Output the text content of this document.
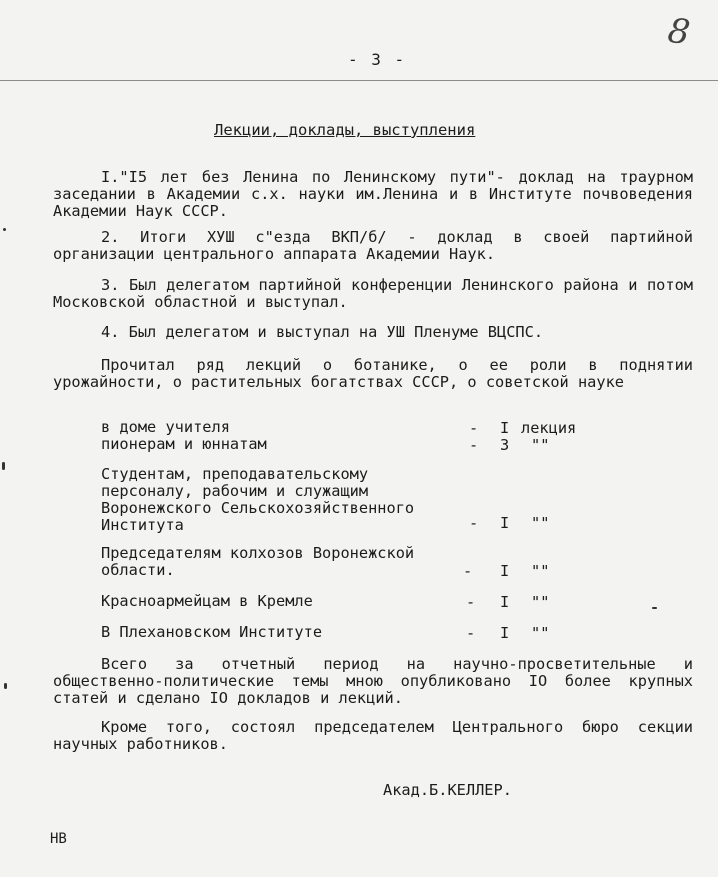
8
- 3 -
Лекции, доклады, выступления
I."I5 лет без Ленина по Ленинскому пути"- доклад на траурном заседании в Академии с.х. науки им.Ленина и в Институте почвоведения Академии Наук СССР.
2. Итоги ХУШ с"езда ВКП/б/ - доклад в своей партийной организации центрального аппарата Академии Наук.
3. Был делегатом партийной конференции Ленинского района и потом Московской областной и выступал.
4. Был делегатом и выступал на УШ Пленуме ВЦСПС.
Прочитал ряд лекций о ботанике, о ее роли в поднятии урожайности, о растительных богатствах СССР, о советской науке
в доме учителя	- I лекция
пионерам и юннатам	- 3 ""
Студентам, преподавательскому персоналу, рабочим и служащим Воронежского Сельскохозяйственного Института	- I ""
Председателям колхозов Воронежской области.	- I ""
Красноармейцам в Кремле	- I ""
В Плехановском Институте	- I ""
Всего за отчетный период на научно-просветительные и общественно-политические темы мною опубликовано IO более крупных статей и сделано IO докладов и лекций.
Кроме того, состоял председателем Центрального бюро секции научных работников.
Акад.Б.КЕЛЛЕР.
НВ
